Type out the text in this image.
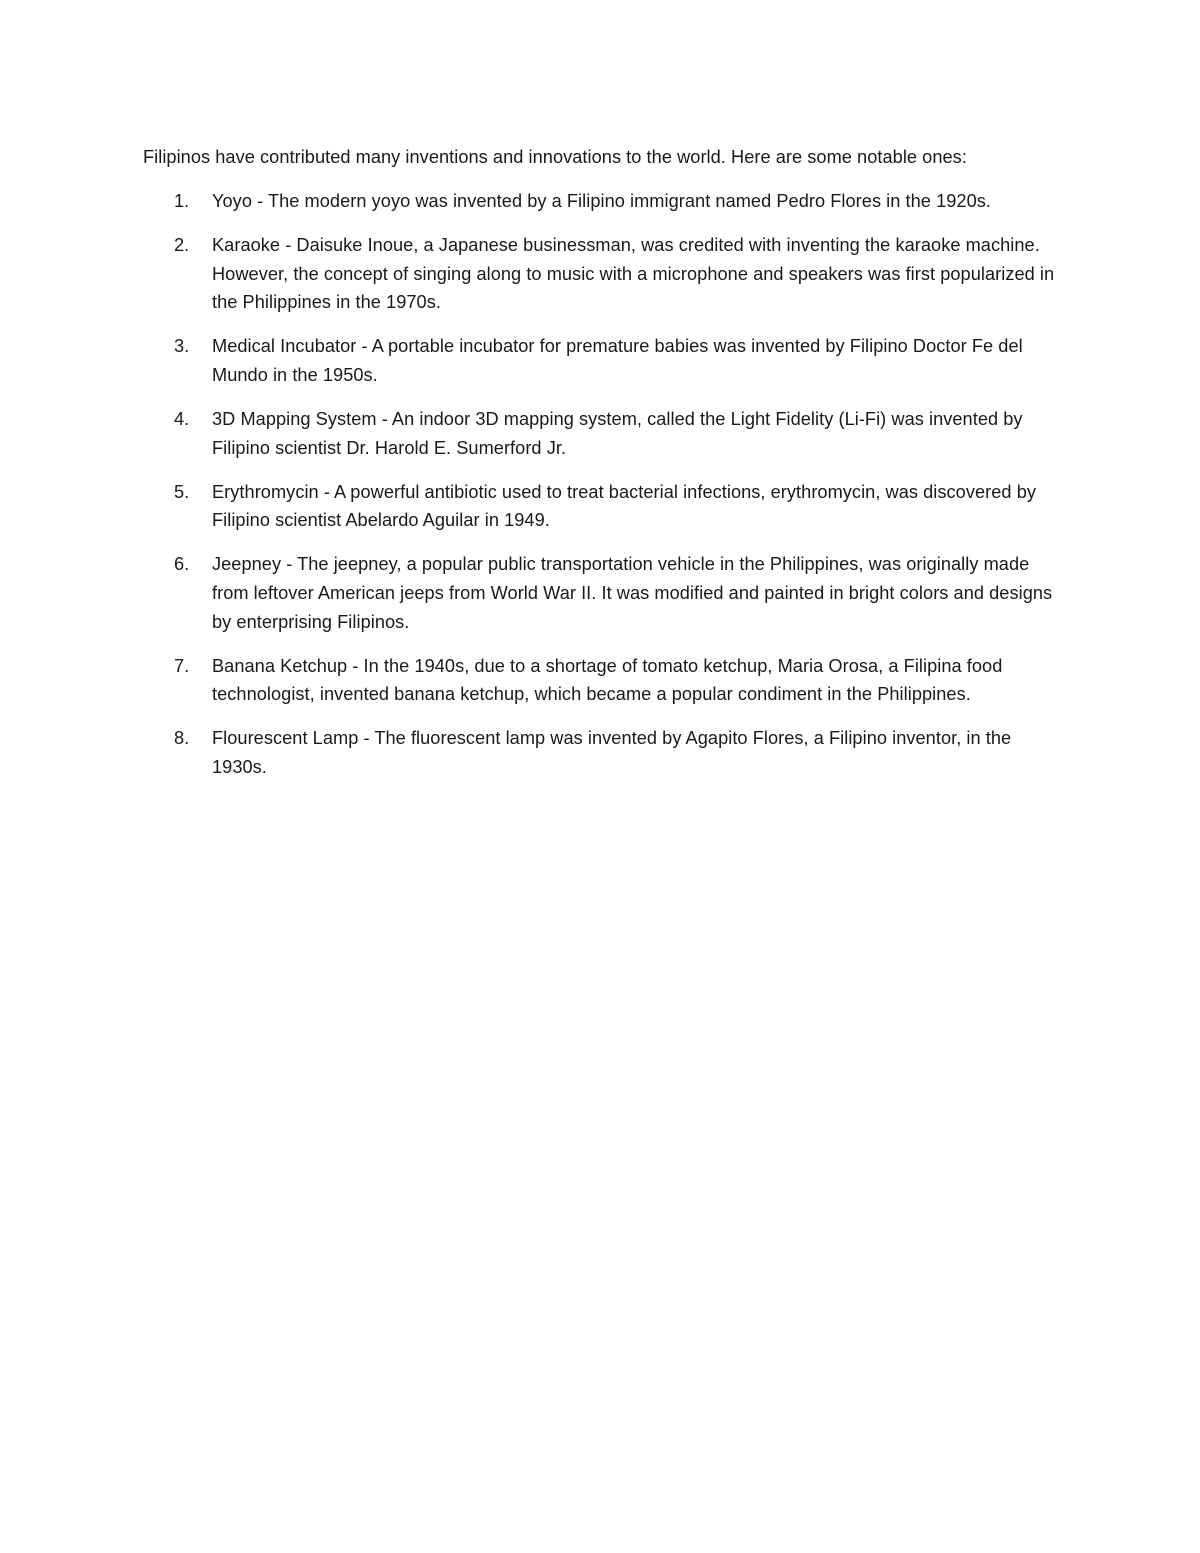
Filipinos have contributed many inventions and innovations to the world. Here are some notable ones:

1. Yoyo - The modern yoyo was invented by a Filipino immigrant named Pedro Flores in the 1920s.
2. Karaoke - Daisuke Inoue, a Japanese businessman, was credited with inventing the karaoke machine. However, the concept of singing along to music with a microphone and speakers was first popularized in the Philippines in the 1970s.
3. Medical Incubator - A portable incubator for premature babies was invented by Filipino Doctor Fe del Mundo in the 1950s.
4. 3D Mapping System - An indoor 3D mapping system, called the Light Fidelity (Li-Fi) was invented by Filipino scientist Dr. Harold E. Sumerford Jr.
5. Erythromycin - A powerful antibiotic used to treat bacterial infections, erythromycin, was discovered by Filipino scientist Abelardo Aguilar in 1949.
6. Jeepney - The jeepney, a popular public transportation vehicle in the Philippines, was originally made from leftover American jeeps from World War II. It was modified and painted in bright colors and designs by enterprising Filipinos.
7. Banana Ketchup - In the 1940s, due to a shortage of tomato ketchup, Maria Orosa, a Filipina food technologist, invented banana ketchup, which became a popular condiment in the Philippines.
8. Flourescent Lamp - The fluorescent lamp was invented by Agapito Flores, a Filipino inventor, in the 1930s.
